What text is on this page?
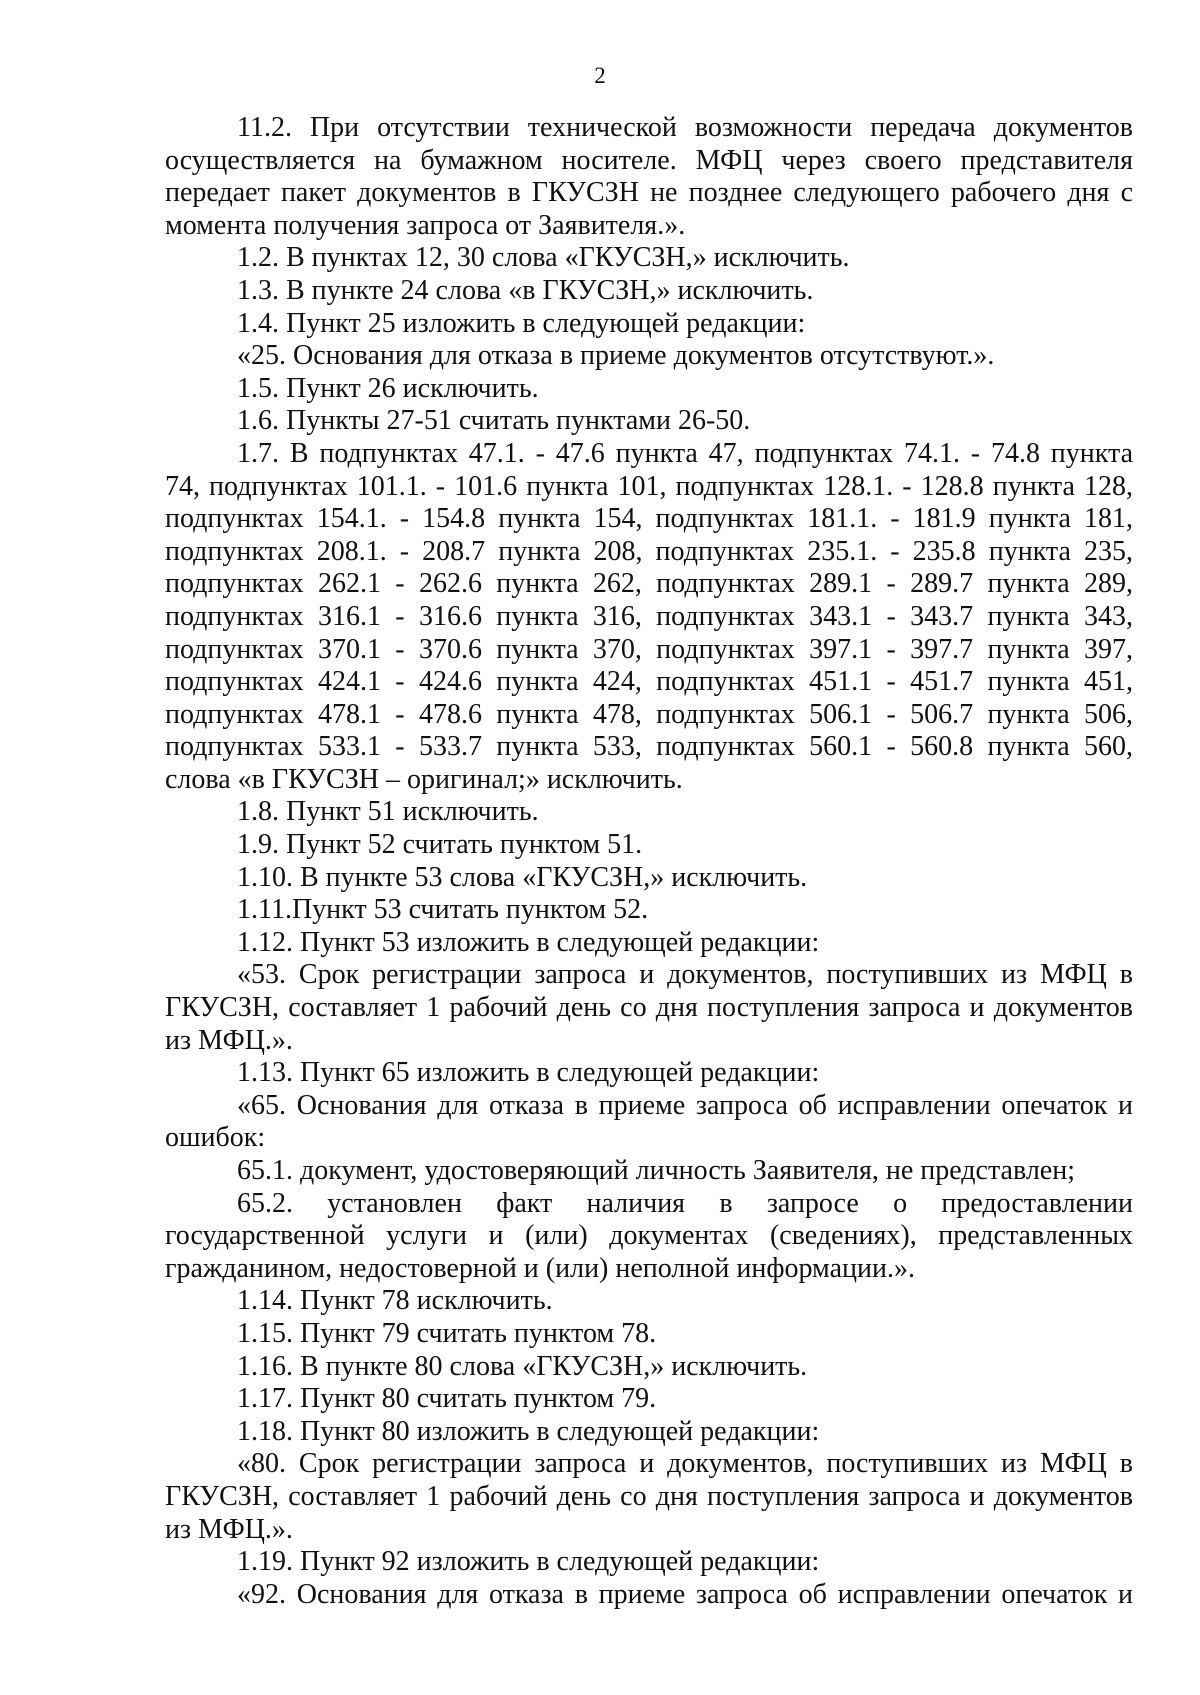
2
11.2. При отсутствии технической возможности передача документов
осуществляется на бумажном носителе. МФЦ через своего представителя
передает пакет документов в ГКУСЗН не позднее следующего рабочего дня с
момента получения запроса от Заявителя.».
1.2. В пунктах 12, 30 слова «ГКУСЗН,» исключить.
1.3. В пункте 24 слова «в ГКУСЗН,» исключить.
1.4. Пункт 25 изложить в следующей редакции:
«25. Основания для отказа в приеме документов отсутствуют.».
1.5. Пункт 26 исключить.
1.6. Пункты 27-51 считать пунктами 26-50.
1.7. В подпунктах 47.1. - 47.6 пункта 47, подпунктах 74.1. - 74.8 пункта
74, подпунктах 101.1. - 101.6 пункта 101, подпунктах 128.1. - 128.8 пункта 128,
подпунктах 154.1. - 154.8 пункта 154, подпунктах 181.1. - 181.9 пункта 181,
подпунктах 208.1. - 208.7 пункта 208, подпунктах 235.1. - 235.8 пункта 235,
подпунктах 262.1 - 262.6 пункта 262, подпунктах 289.1 - 289.7 пункта 289,
подпунктах 316.1 - 316.6 пункта 316, подпунктах 343.1 - 343.7 пункта 343,
подпунктах 370.1 - 370.6 пункта 370, подпунктах 397.1 - 397.7 пункта 397,
подпунктах 424.1 - 424.6 пункта 424, подпунктах 451.1 - 451.7 пункта 451,
подпунктах 478.1 - 478.6 пункта 478, подпунктах 506.1 - 506.7 пункта 506,
подпунктах 533.1 - 533.7 пункта 533, подпунктах 560.1 - 560.8 пункта 560,
слова «в ГКУСЗН – оригинал;» исключить.
1.8. Пункт 51 исключить.
1.9. Пункт 52 считать пунктом 51.
1.10. В пункте 53 слова «ГКУСЗН,» исключить.
1.11.Пункт 53 считать пунктом 52.
1.12. Пункт 53 изложить в следующей редакции:
«53. Срок регистрации запроса и документов, поступивших из МФЦ в
ГКУСЗН, составляет 1 рабочий день со дня поступления запроса и документов
из МФЦ.».
1.13. Пункт 65 изложить в следующей редакции:
«65. Основания для отказа в приеме запроса об исправлении опечаток и
ошибок:
65.1. документ, удостоверяющий личность Заявителя, не представлен;
65.2. установлен факт наличия в запросе о предоставлении
государственной услуги и (или) документах (сведениях), представленных
гражданином, недостоверной и (или) неполной информации.».
1.14. Пункт 78 исключить.
1.15. Пункт 79 считать пунктом 78.
1.16. В пункте 80 слова «ГКУСЗН,» исключить.
1.17. Пункт 80 считать пунктом 79.
1.18. Пункт 80 изложить в следующей редакции:
«80. Срок регистрации запроса и документов, поступивших из МФЦ в
ГКУСЗН, составляет 1 рабочий день со дня поступления запроса и документов
из МФЦ.».
1.19. Пункт 92 изложить в следующей редакции:
«92. Основания для отказа в приеме запроса об исправлении опечаток и
